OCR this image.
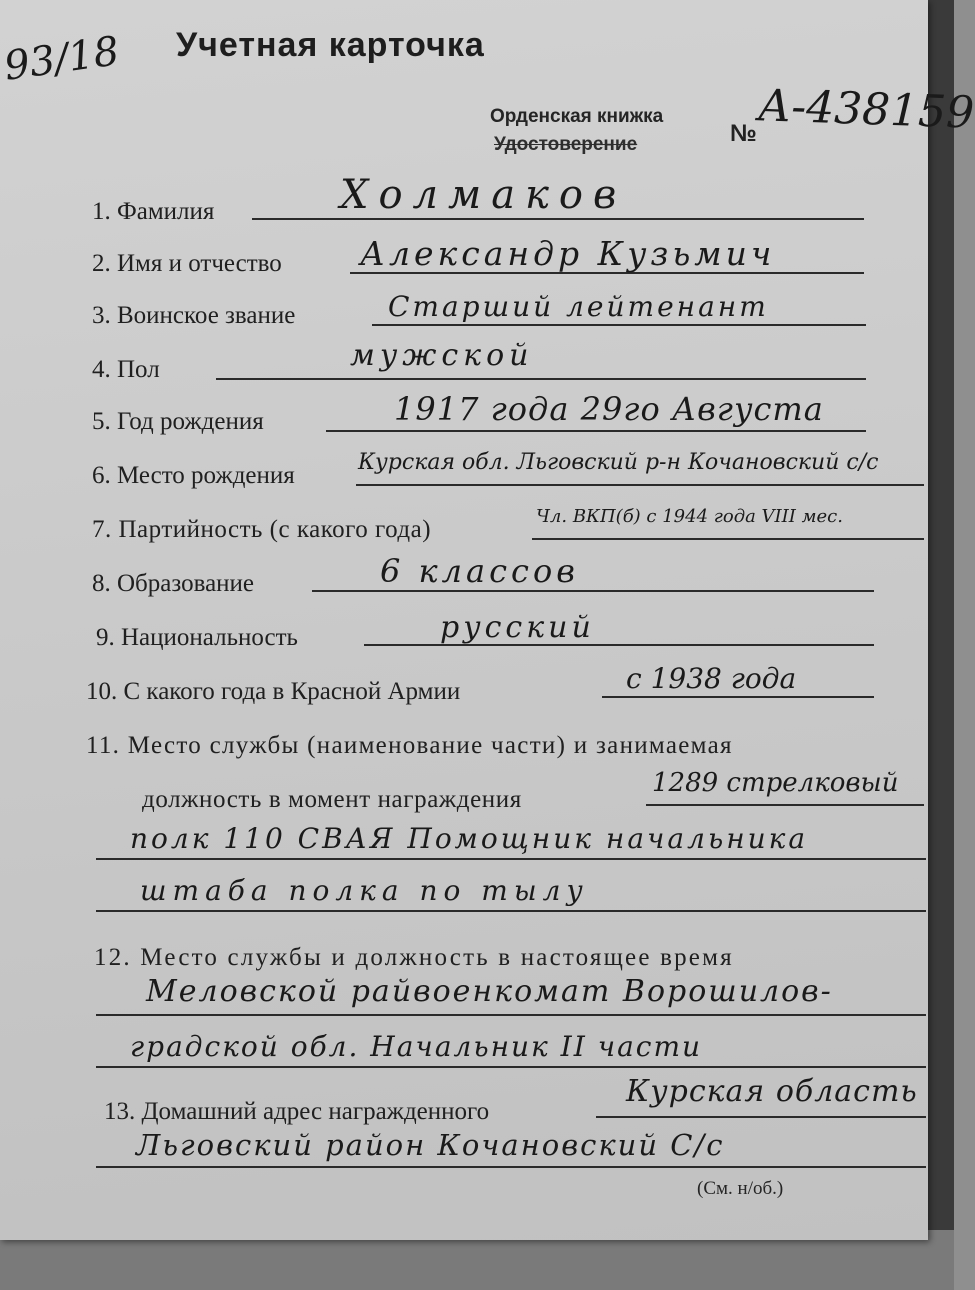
93/18 Учетная карточка
Орденская книжка
Удостоверение	№ А-438159
1. Фамилия	Холмаков
2. Имя и отчество Александр Кузьмич
3. Воинское звание	Старший лейтенант
4. Пол	мужской
5. Год рождения	1917 года 29го Августа
6. Место рождения	Курская обл. Льговский р-н Кочановский с/с
7. Партийность (с какого года)	Чл. ВКП(б) с 1944 года VIII мес.
8. Образование	6 классов
9. Национальность	русский
10. С какого года в Красной Армии	с 1938 года
11. Место службы (наименование части) и занимаемая
должность в момент награждения
1289 стрелковый
полк 110 СВАЯ Помощник начальника
штаба полка по тылу
12. Место службы и должность в настоящее время
Меловской райвоенкомат Ворошилов-
градской обл. Начальник II части
13. Домашний адрес награжденного
Курская область
Льговский район Кочановский С/с
(См. н/об.)
